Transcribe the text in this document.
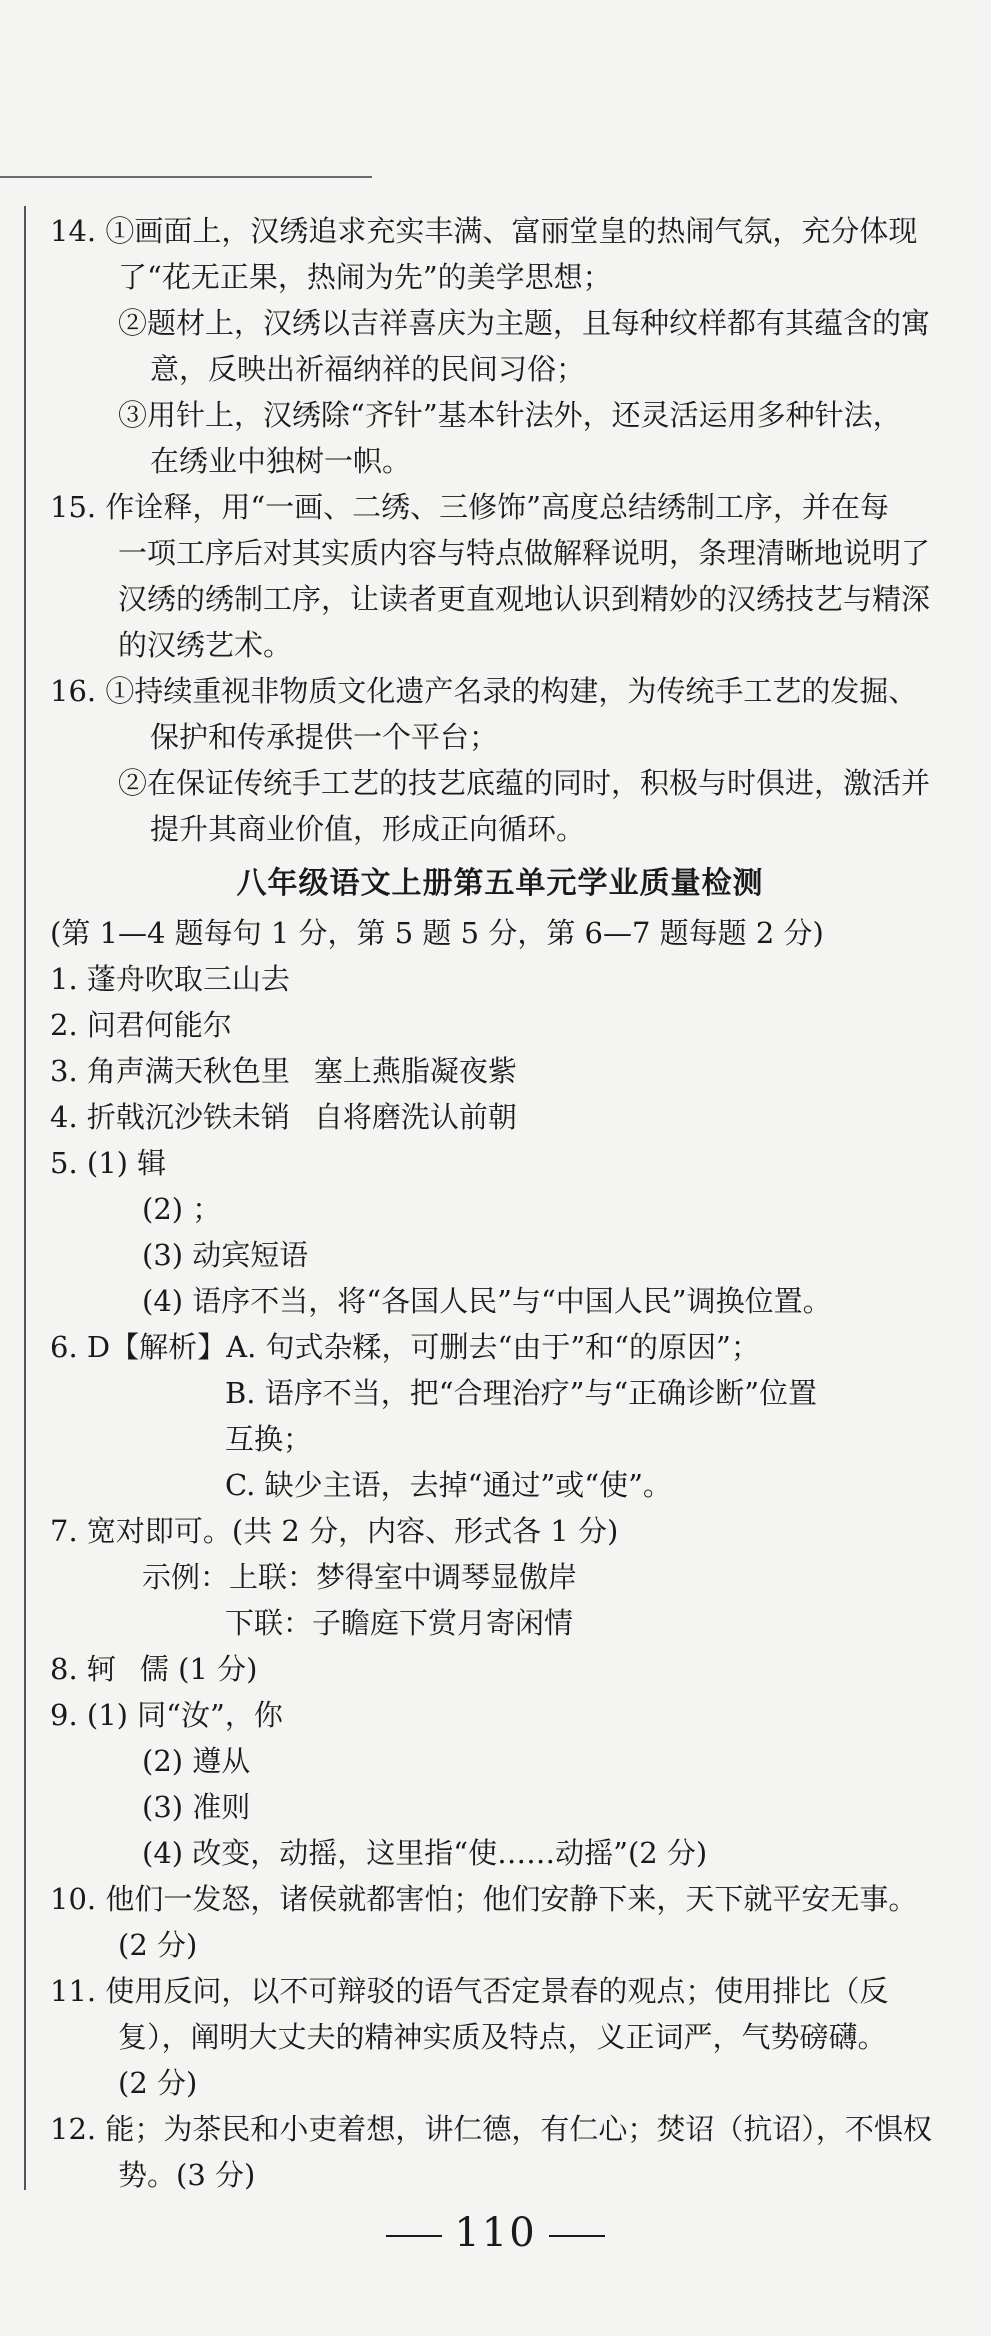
14. ①画面上，汉绣追求充实丰满、富丽堂皇的热闹气氛，充分体现
了“花无正果，热闹为先”的美学思想；
②题材上，汉绣以吉祥喜庆为主题，且每种纹样都有其蕴含的寓
意，反映出祈福纳祥的民间习俗；
③用针上，汉绣除“齐针”基本针法外，还灵活运用多种针法，
在绣业中独树一帜。
15. 作诠释，用“一画、二绣、三修饰”高度总结绣制工序，并在每
一项工序后对其实质内容与特点做解释说明，条理清晰地说明了
汉绣的绣制工序，让读者更直观地认识到精妙的汉绣技艺与精深
的汉绣艺术。
16. ①持续重视非物质文化遗产名录的构建，为传统手工艺的发掘、
保护和传承提供一个平台；
②在保证传统手工艺的技艺底蕴的同时，积极与时俱进，激活并
提升其商业价值，形成正向循环。
八年级语文上册第五单元学业质量检测
(第 1—4 题每句 1 分，第 5 题 5 分，第 6—7 题每题 2 分)
1. 蓬舟吹取三山去
2. 问君何能尔
3. 角声满天秋色里 塞上燕脂凝夜紫
4. 折戟沉沙铁未销 自将磨洗认前朝
5. (1) 辑
(2) ；
(3) 动宾短语
(4) 语序不当，将“各国人民”与“中国人民”调换位置。
6. D【解析】A. 句式杂糅，可删去“由于”和“的原因”；
B. 语序不当，把“合理治疗”与“正确诊断”位置
互换；
C. 缺少主语，去掉“通过”或“使”。
7. 宽对即可。(共 2 分，内容、形式各 1 分)
示例：上联：梦得室中调琴显傲岸
下联：子瞻庭下赏月寄闲情
8. 轲 儒 (1 分)
9. (1) 同“汝”，你
(2) 遵从
(3) 准则
(4) 改变，动摇，这里指“使……动摇”(2 分)
10. 他们一发怒，诸侯就都害怕；他们安静下来，天下就平安无事。
(2 分)
11. 使用反问，以不可辩驳的语气否定景春的观点；使用排比（反
复），阐明大丈夫的精神实质及特点，义正词严，气势磅礴。
(2 分)
12. 能；为茶民和小吏着想，讲仁德，有仁心；焚诏（抗诏），不惧权
势。(3 分)
110
